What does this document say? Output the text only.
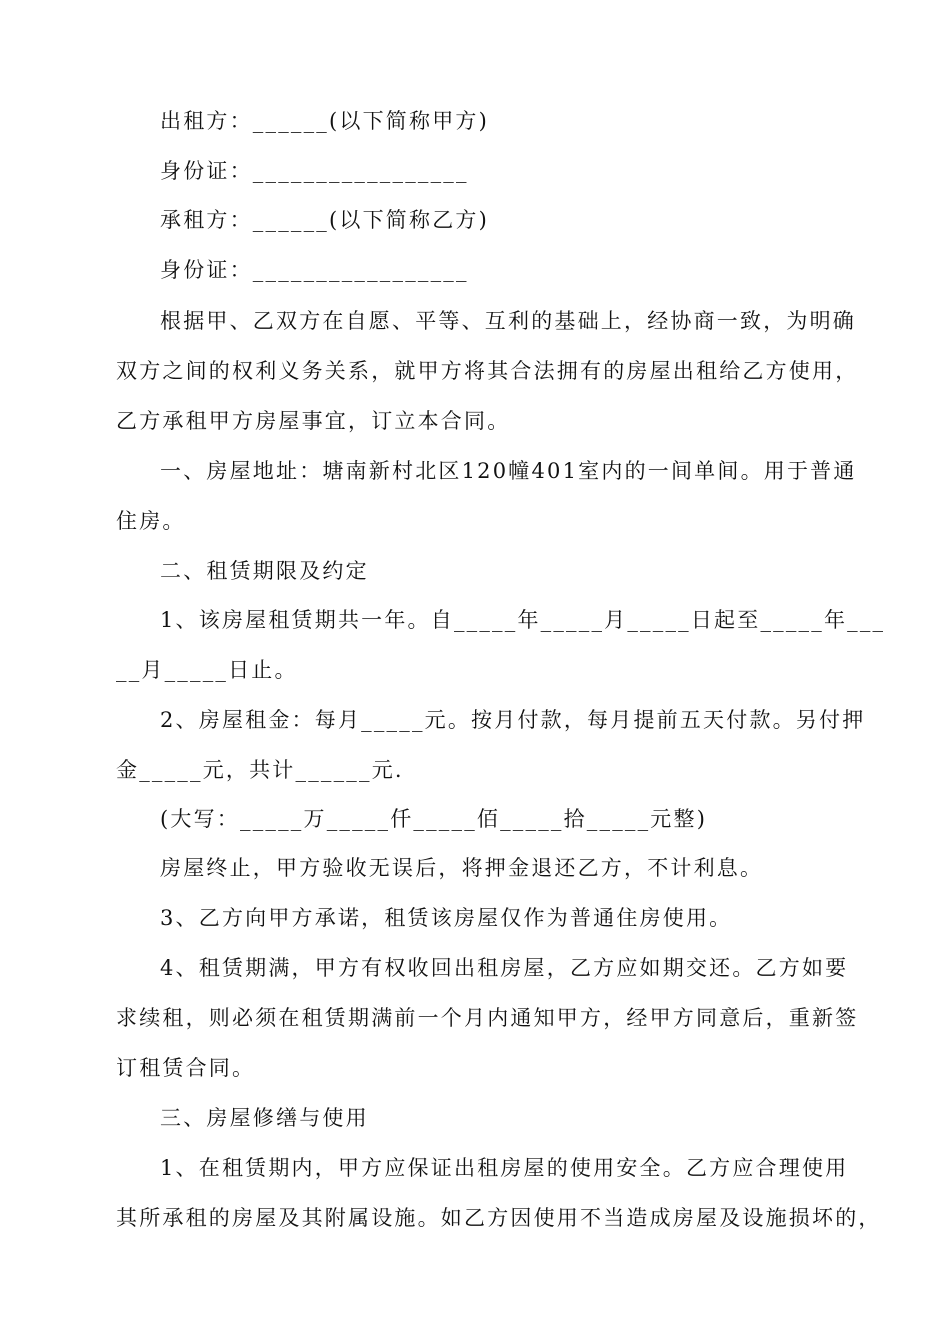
出租方：______(以下简称甲方)
身份证：_________________
承租方：______(以下简称乙方)
身份证：_________________
根据甲、乙双方在自愿、平等、互利的基础上，经协商一致，为明确
双方之间的权利义务关系，就甲方将其合法拥有的房屋出租给乙方使用，
乙方承租甲方房屋事宜，订立本合同。
一、房屋地址：塘南新村北区120幢401室内的一间单间。用于普通
住房。
二、租赁期限及约定
1、该房屋租赁期共一年。自_____年_____月_____日起至_____年___
__月_____日止。
2、房屋租金：每月_____元。按月付款，每月提前五天付款。另付押
金_____元，共计______元.
(大写：_____万_____仟_____佰_____拾_____元整)
房屋终止，甲方验收无误后，将押金退还乙方，不计利息。
3、乙方向甲方承诺，租赁该房屋仅作为普通住房使用。
4、租赁期满，甲方有权收回出租房屋，乙方应如期交还。乙方如要
求续租，则必须在租赁期满前一个月内通知甲方，经甲方同意后，重新签
订租赁合同。
三、房屋修缮与使用
1、在租赁期内，甲方应保证出租房屋的使用安全。乙方应合理使用
其所承租的房屋及其附属设施。如乙方因使用不当造成房屋及设施损坏的，
